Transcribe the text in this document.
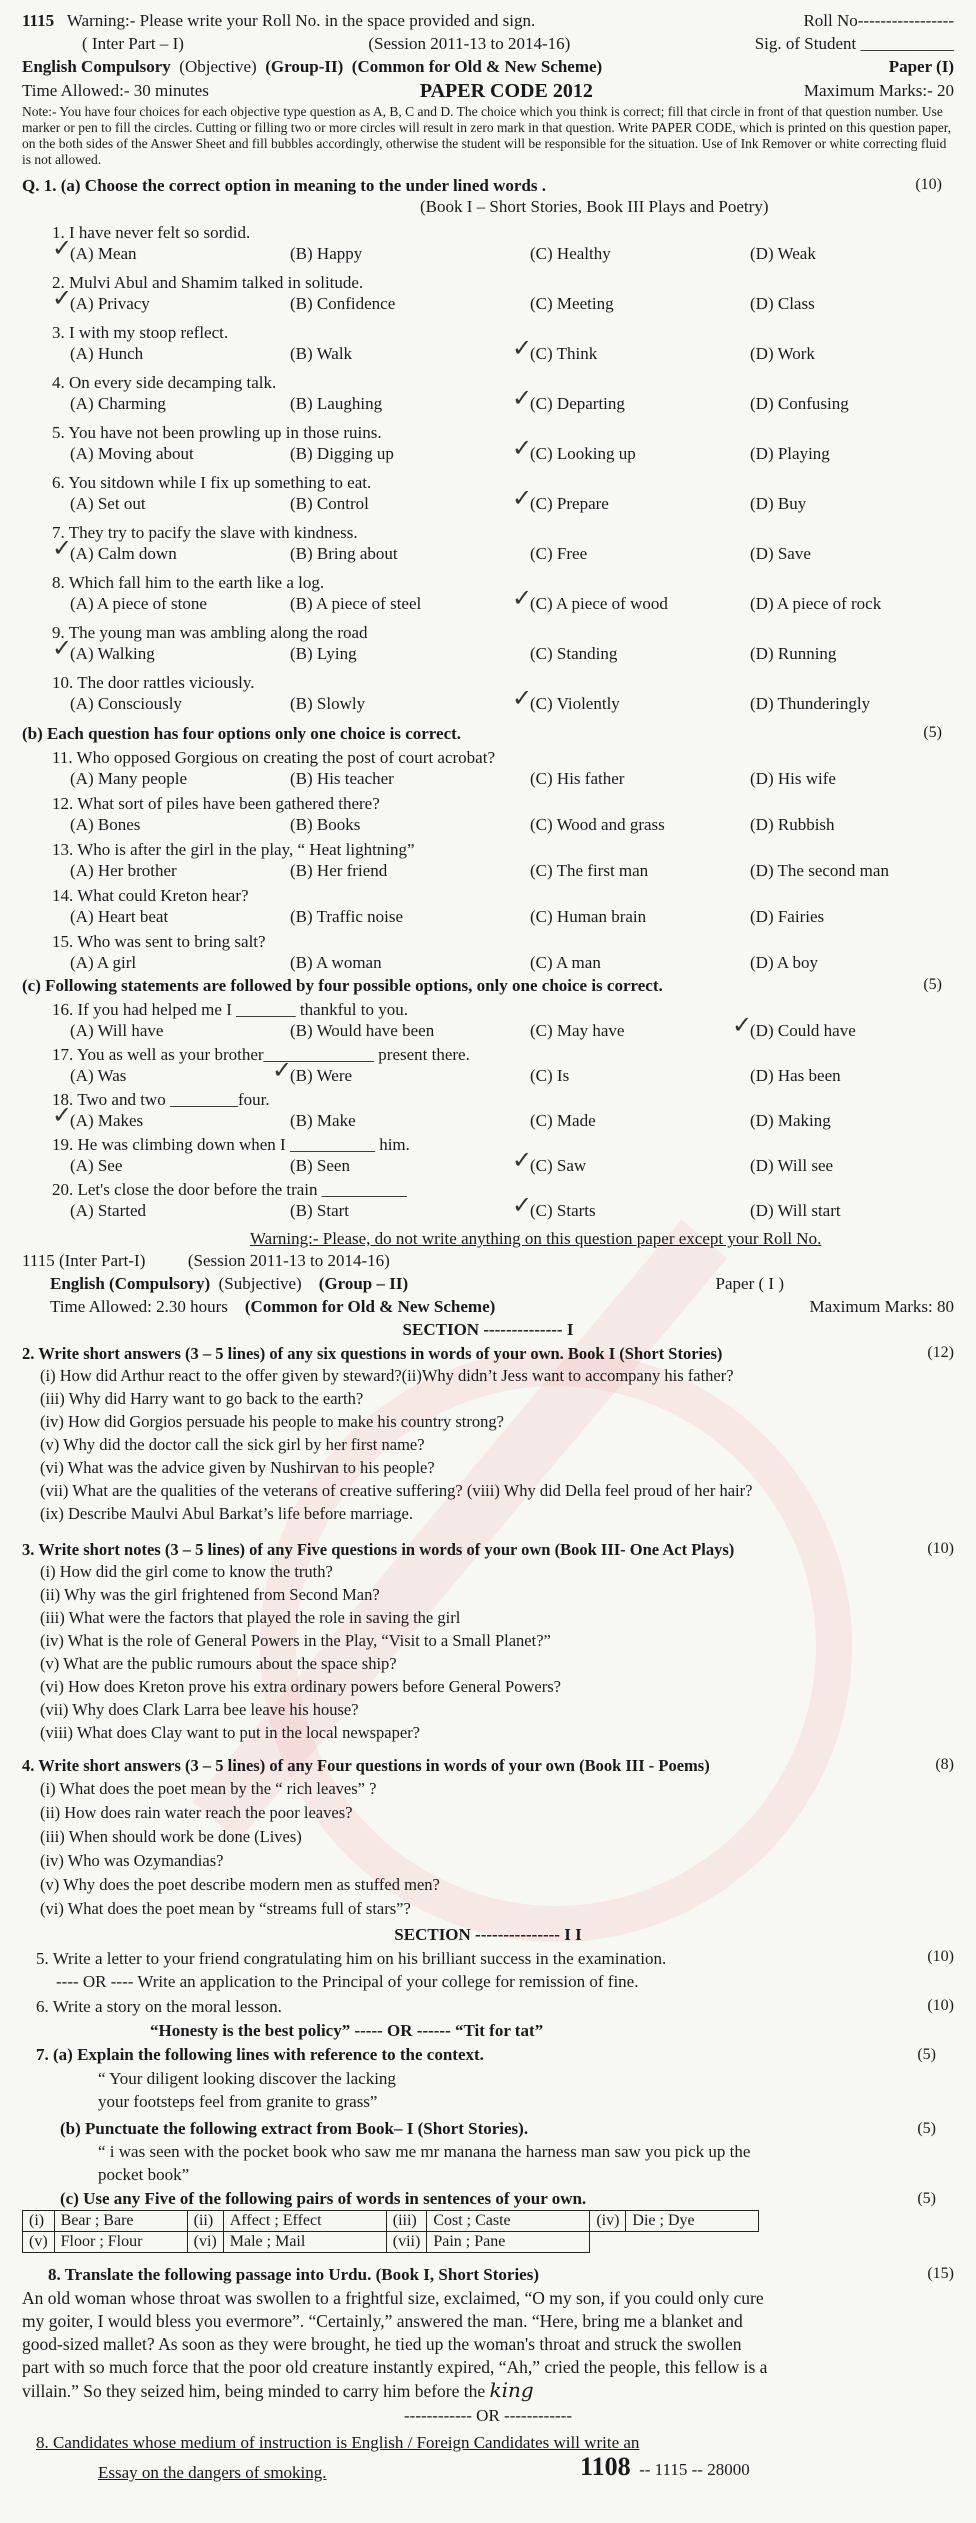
1115 Warning:- Please write your Roll No. in the space provided and sign.	Roll No-----------------
( Inter Part – I)	(Session 2011-13 to 2014-16)	Sig. of Student ___________
English Compulsory (Objective) (Group-II) (Common for Old & New Scheme)	Paper (I)
Time Allowed:- 30 minutes	PAPER CODE 2012	Maximum Marks:- 20
Note:- You have four choices for each objective type question as A, B, C and D. The choice which you think is correct; fill that circle in front of that question number. Use marker or pen to fill the circles. Cutting or filling two or more circles will result in zero mark in that question. Write PAPER CODE, which is printed on this question paper, on the both sides of the Answer Sheet and fill bubbles accordingly, otherwise the student will be responsible for the situation. Use of Ink Remover or white correcting fluid is not allowed.
Q. 1. (a) Choose the correct option in meaning to the under lined words .	(10)
(Book I – Short Stories, Book III Plays and Poetry)
1. I have never felt so sordid.
(A) Mean	(B) Happy	(C) Healthy	(D) Weak
✓
2. Mulvi Abul and Shamim talked in solitude.
(A) Privacy	(B) Confidence	(C) Meeting	(D) Class
✓
3. I with my stoop reflect.
(A) Hunch	(B) Walk	(C) Think	(D) Work
✓
4. On every side decamping talk.
(A) Charming	(B) Laughing	(C) Departing	(D) Confusing
✓
5. You have not been prowling up in those ruins.
(A) Moving about	(B) Digging up	(C) Looking up	(D) Playing
✓
6. You sitdown while I fix up something to eat.
(A) Set out	(B) Control	(C) Prepare	(D) Buy
✓
7. They try to pacify the slave with kindness.
(A) Calm down	(B) Bring about	(C) Free	(D) Save
✓
8. Which fall him to the earth like a log.
(A) A piece of stone	(B) A piece of steel	(C) A piece of wood	(D) A piece of rock
✓
9. The young man was ambling along the road
(A) Walking	(B) Lying	(C) Standing	(D) Running
✓
10. The door rattles viciously.
(A) Consciously	(B) Slowly	(C) Violently	(D) Thunderingly
✓
(b) Each question has four options only one choice is correct.	(5)
11. Who opposed Gorgious on creating the post of court acrobat?
(A) Many people	(B) His teacher	(C) His father	(D) His wife
12. What sort of piles have been gathered there?
(A) Bones	(B) Books	(C) Wood and grass	(D) Rubbish
13. Who is after the girl in the play, “ Heat lightning”
(A) Her brother	(B) Her friend	(C) The first man	(D) The second man
14. What could Kreton hear?
(A) Heart beat	(B) Traffic noise	(C) Human brain	(D) Fairies
15. Who was sent to bring salt?
(A) A girl	(B) A woman	(C) A man	(D) A boy
(c) Following statements are followed by four possible options, only one choice is correct.	(5)
16. If you had helped me I _______ thankful to you.
(A) Will have	(B) Would have been	(C) May have	(D) Could have
✓
17. You as well as your brother_____________ present there.
(A) Was	(B) Were	(C) Is	(D) Has been
✓
18. Two and two ________four.
(A) Makes	(B) Make	(C) Made	(D) Making
✓
19. He was climbing down when I __________ him.
(A) See	(B) Seen	(C) Saw	(D) Will see
✓
20. Let's close the door before the train __________
(A) Started	(B) Start	(C) Starts	(D) Will start
✓
Warning:- Please, do not write anything on this question paper except your Roll No.
1115 (Inter Part-I)	(Session 2011-13 to 2014-16)
English (Compulsory) (Subjective) (Group – II)	Paper ( I )
Time Allowed: 2.30 hours (Common for Old & New Scheme)	Maximum Marks: 80
SECTION -------------- I
2. Write short answers (3 – 5 lines) of any six questions in words of your own. Book I (Short Stories)	(12)
(i) How did Arthur react to the offer given by steward?(ii)Why didn’t Jess want to accompany his father?
(iii) Why did Harry want to go back to the earth?
(iv) How did Gorgios persuade his people to make his country strong?
(v) Why did the doctor call the sick girl by her first name?
(vi) What was the advice given by Nushirvan to his people?
(vii) What are the qualities of the veterans of creative suffering? (viii) Why did Della feel proud of her hair?
(ix) Describe Maulvi Abul Barkat’s life before marriage.
3. Write short notes (3 – 5 lines) of any Five questions in words of your own (Book III- One Act Plays)	(10)
(i) How did the girl come to know the truth?
(ii) Why was the girl frightened from Second Man?
(iii) What were the factors that played the role in saving the girl
(iv) What is the role of General Powers in the Play, “Visit to a Small Planet?”
(v) What are the public rumours about the space ship?
(vi) How does Kreton prove his extra ordinary powers before General Powers?
(vii) Why does Clark Larra bee leave his house?
(viii) What does Clay want to put in the local newspaper?
4. Write short answers (3 – 5 lines) of any Four questions in words of your own (Book III - Poems)	(8)
(i) What does the poet mean by the “ rich leaves” ?
(ii) How does rain water reach the poor leaves?
(iii) When should work be done (Lives)
(iv) Who was Ozymandias?
(v) Why does the poet describe modern men as stuffed men?
(vi) What does the poet mean by “streams full of stars”?
SECTION --------------- I I
5. Write a letter to your friend congratulating him on his brilliant success in the examination.	(10)
---- OR ---- Write an application to the Principal of your college for remission of fine.
6. Write a story on the moral lesson.	(10)
“Honesty is the best policy” ----- OR ------ “Tit for tat”
7. (a) Explain the following lines with reference to the context.	(5)
“ Your diligent looking discover the lacking
your footsteps feel from granite to grass”
(b) Punctuate the following extract from Book– I (Short Stories).	(5)
“ i was seen with the pocket book who saw me mr manana the harness man saw you pick up the
pocket book”
(c) Use any Five of the following pairs of words in sentences of your own.	(5)
(i)	Bear ; Bare	(ii)	Affect ; Effect	(iii)	Cost ; Caste	(iv)	Die ; Dye
(v)	Floor ; Flour	(vi)	Male ; Mail	(vii)	Pain ; Pane		
8. Translate the following passage into Urdu. (Book I, Short Stories)	(15)
An old woman whose throat was swollen to a frightful size, exclaimed, “O my son, if you could only cure
my goiter, I would bless you evermore”. “Certainly,” answered the man. “Here, bring me a blanket and
good-sized mallet? As soon as they were brought, he tied up the woman's throat and struck the swollen
part with so much force that the poor old creature instantly expired, “Ah,” cried the people, this fellow is a
villain.” So they seized him, being minded to carry him before the king
------------ OR ------------
8. Candidates whose medium of instruction is English / Foreign Candidates will write an
Essay on the dangers of smoking.	1108 -- 1115 -- 28000
